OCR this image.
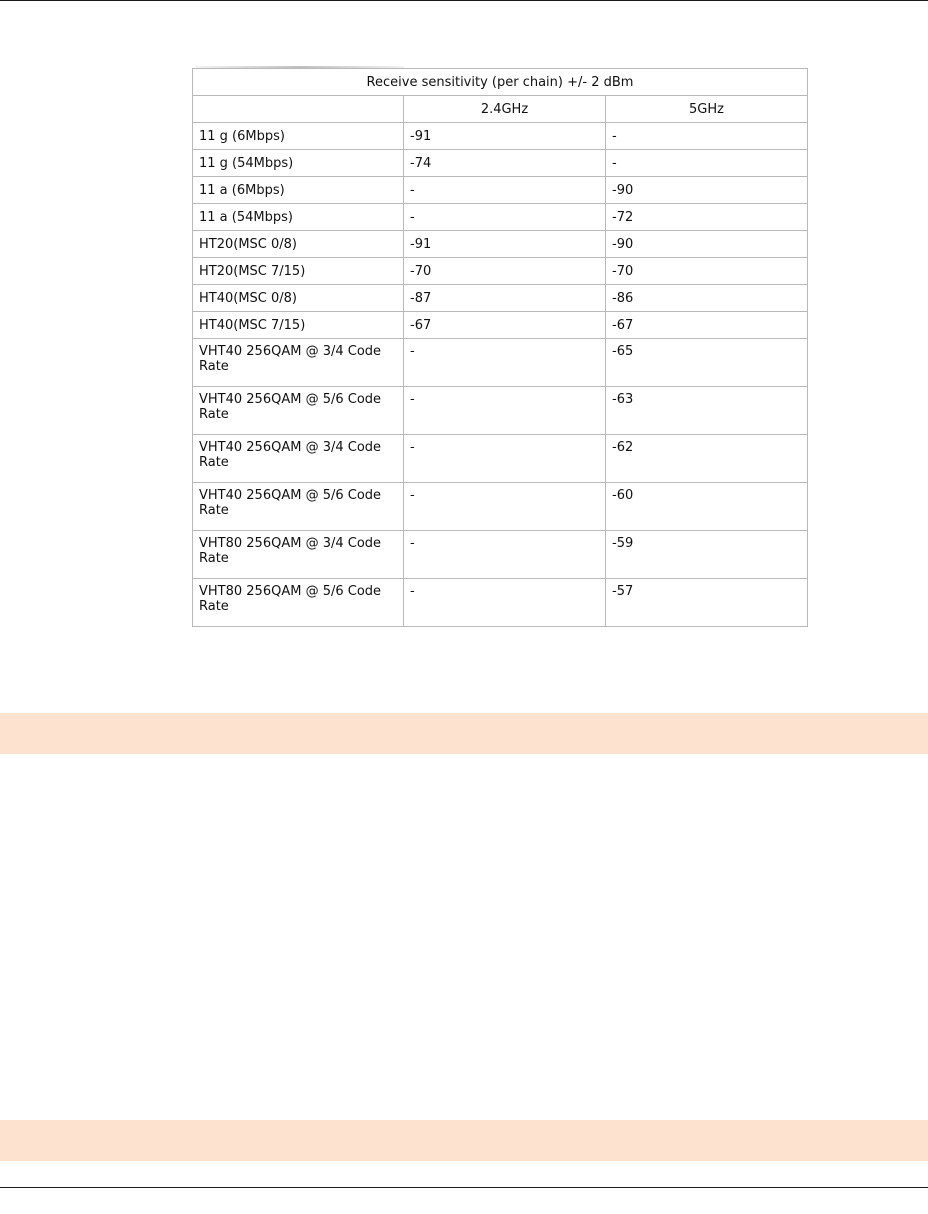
Receive sensitivity (per chain) +/- 2 dBm		
	2.4GHz	5GHz
11 g (6Mbps)	-91	-
11 g (54Mbps)	-74	-
11 a (6Mbps)	-	-90
11 a (54Mbps)	-	-72
HT20(MSC 0/8)	-91	-90
HT20(MSC 7/15)	-70	-70
HT40(MSC 0/8)	-87	-86
HT40(MSC 7/15)	-67	-67
VHT40 256QAM @ 3/4 Code Rate	-	-65
VHT40 256QAM @ 5/6 Code Rate	-	-63
VHT40 256QAM @ 3/4 Code Rate	-	-62
VHT40 256QAM @ 5/6 Code Rate	-	-60
VHT80 256QAM @ 3/4 Code Rate	-	-59
VHT80 256QAM @ 5/6 Code Rate	-	-57
